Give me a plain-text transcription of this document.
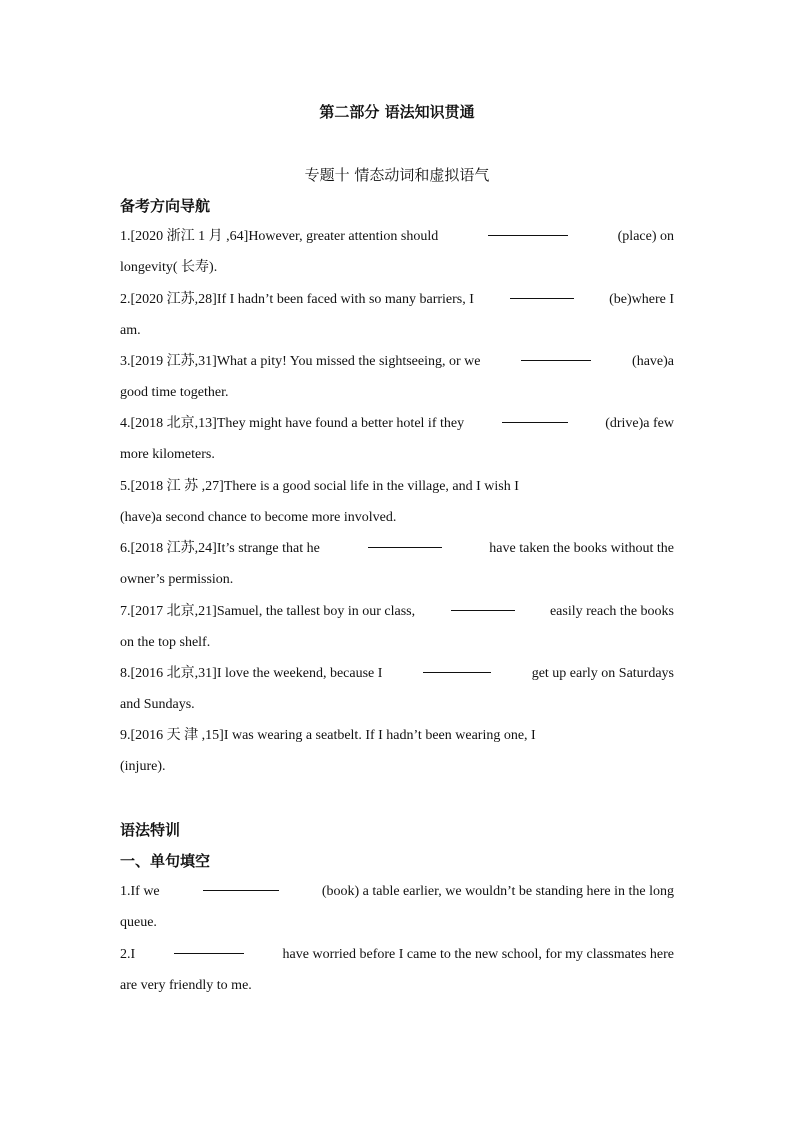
第二部分 语法知识贯通
专题十 情态动词和虚拟语气
备考方向导航
1.[2020 浙江 1 月 ,64]However, greater attention should	(place) on
longevity( 长寿).
2.[2020 江苏,28]If I hadn’t been faced with so many barriers, I	(be)where I
am.
3.[2019 江苏,31]What a pity! You missed the sightseeing, or we	(have)a
good time together.
4.[2018 北京,13]They might have found a better hotel if they	(drive)a few
more kilometers.
5.[2018 江 苏 ,27]There is a good social life in the village, and I wish I
(have)a second chance to become more involved.
6.[2018 江苏,24]It’s strange that he	have taken the books without the
owner’s permission.
7.[2017 北京,21]Samuel, the tallest boy in our class,	easily reach the books
on the top shelf.
8.[2016 北京,31]I love the weekend, because I	get up early on Saturdays
and Sundays.
9.[2016 天 津 ,15]I was wearing a seatbelt. If I hadn’t been wearing one, I
(injure).
语法特训
一、单句填空
1.If we	(book) a table earlier, we wouldn’t be standing here in the long
queue.
2.I	have worried before I came to the new school, for my classmates here
are very friendly to me.
